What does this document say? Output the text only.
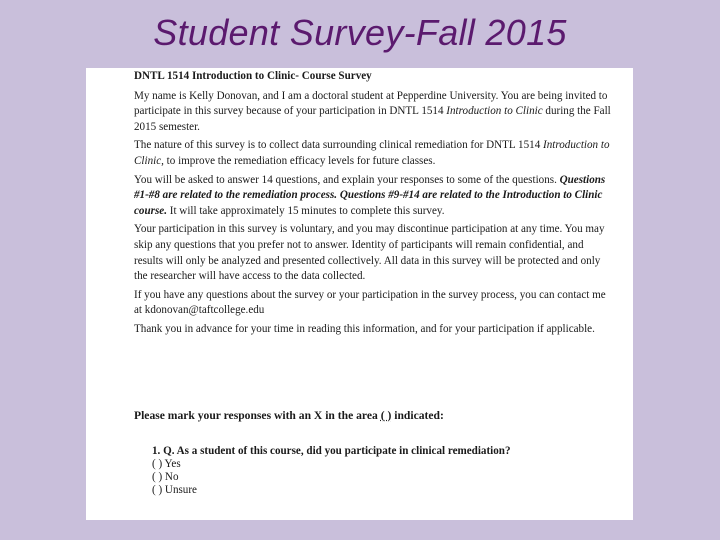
Student Survey-Fall 2015

DNTL 1514 Introduction to Clinic- Course Survey

My name is Kelly Donovan, and I am a doctoral student at Pepperdine University. You are being invited to participate in this survey because of your participation in DNTL 1514 Introduction to Clinic during the Fall 2015 semester.

The nature of this survey is to collect data surrounding clinical remediation for DNTL 1514 Introduction to Clinic, to improve the remediation efficacy levels for future classes.

You will be asked to answer 14 questions, and explain your responses to some of the questions. Questions #1-#8 are related to the remediation process. Questions #9-#14 are related to the Introduction to Clinic course. It will take approximately 15 minutes to complete this survey.

Your participation in this survey is voluntary, and you may discontinue participation at any time. You may skip any questions that you prefer not to answer. Identity of participants will remain confidential, and results will only be analyzed and presented collectively. All data in this survey will be protected and only the researcher will have access to the data collected.

If you have any questions about the survey or your participation in the survey process, you can contact me at kdonovan@taftcollege.edu

Thank you in advance for your time in reading this information, and for your participation if applicable.

Please mark your responses with an X in the area ( ) indicated:
1. Q. As a student of this course, did you participate in clinical remediation?
( ) Yes
( ) No
( ) Unsure
